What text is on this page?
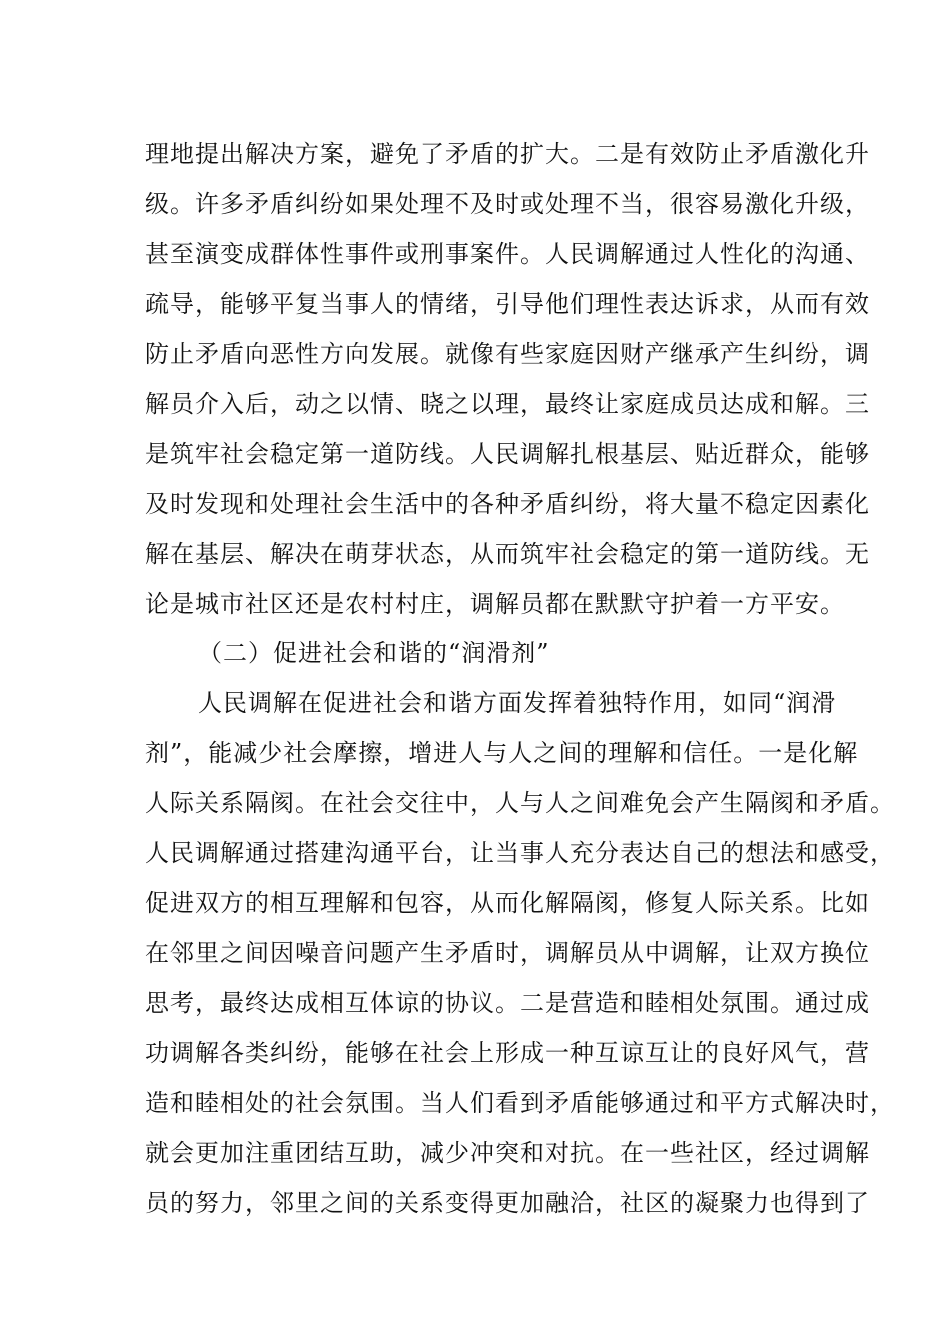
理地提出解决方案，避免了矛盾的扩大。二是有效防止矛盾激化升
级。许多矛盾纠纷如果处理不及时或处理不当，很容易激化升级，
甚至演变成群体性事件或刑事案件。人民调解通过人性化的沟通、
疏导，能够平复当事人的情绪，引导他们理性表达诉求，从而有效
防止矛盾向恶性方向发展。就像有些家庭因财产继承产生纠纷，调
解员介入后，动之以情、晓之以理，最终让家庭成员达成和解。三
是筑牢社会稳定第一道防线。人民调解扎根基层、贴近群众，能够
及时发现和处理社会生活中的各种矛盾纠纷，将大量不稳定因素化
解在基层、解决在萌芽状态，从而筑牢社会稳定的第一道防线。无
论是城市社区还是农村村庄，调解员都在默默守护着一方平安。
（二）促进社会和谐的“润滑剂”
人民调解在促进社会和谐方面发挥着独特作用，如同“润滑
剂”，能减少社会摩擦，增进人与人之间的理解和信任。一是化解
人际关系隔阂。在社会交往中，人与人之间难免会产生隔阂和矛盾。
人民调解通过搭建沟通平台，让当事人充分表达自己的想法和感受，
促进双方的相互理解和包容，从而化解隔阂，修复人际关系。比如
在邻里之间因噪音问题产生矛盾时，调解员从中调解，让双方换位
思考，最终达成相互体谅的协议。二是营造和睦相处氛围。通过成
功调解各类纠纷，能够在社会上形成一种互谅互让的良好风气，营
造和睦相处的社会氛围。当人们看到矛盾能够通过和平方式解决时，
就会更加注重团结互助，减少冲突和对抗。在一些社区，经过调解
员的努力，邻里之间的关系变得更加融洽，社区的凝聚力也得到了
